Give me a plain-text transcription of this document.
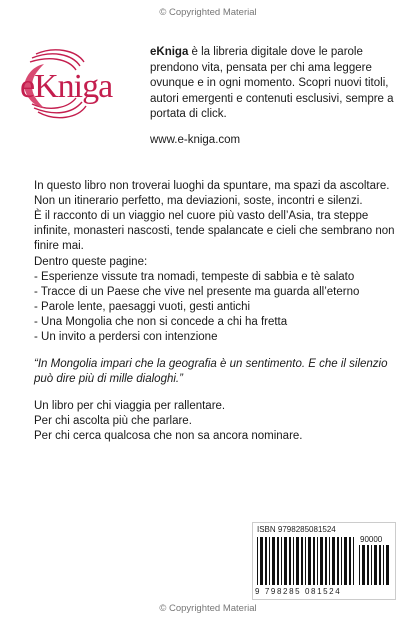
© Copyrighted Material
eKniga

eKniga è la libreria digitale dove le parole prendono vita, pensata per chi ama leggere ovunque e in ogni momento. Scopri nuovi titoli, autori emergenti e contenuti esclusivi, sempre a portata di click.

www.e-kniga.com

In questo libro non troverai luoghi da spuntare, ma spazi da ascoltare. Non un itinerario perfetto, ma deviazioni, soste, incontri e silenzi.
È il racconto di un viaggio nel cuore più vasto dell’Asia, tra steppe infinite, monasteri nascosti, tende spalancate e cieli che sembrano non finire mai.

Dentro queste pagine:

- Esperienze vissute tra nomadi, tempeste di sabbia e tè salato
- Tracce di un Paese che vive nel presente ma guarda all’eterno
- Parole lente, paesaggi vuoti, gesti antichi
- Una Mongolia che non si concede a chi ha fretta
- Un invito a perdersi con intenzione

“In Mongolia impari che la geografia è un sentimento. E che il silenzio può dire più di mille dialoghi.”

Un libro per chi viaggia per rallentare.
Per chi ascolta più che parlare.
Per chi cerca qualcosa che non sa ancora nominare.

ISBN 9798285081524
90000
9 798285 081524
© Copyrighted Material
